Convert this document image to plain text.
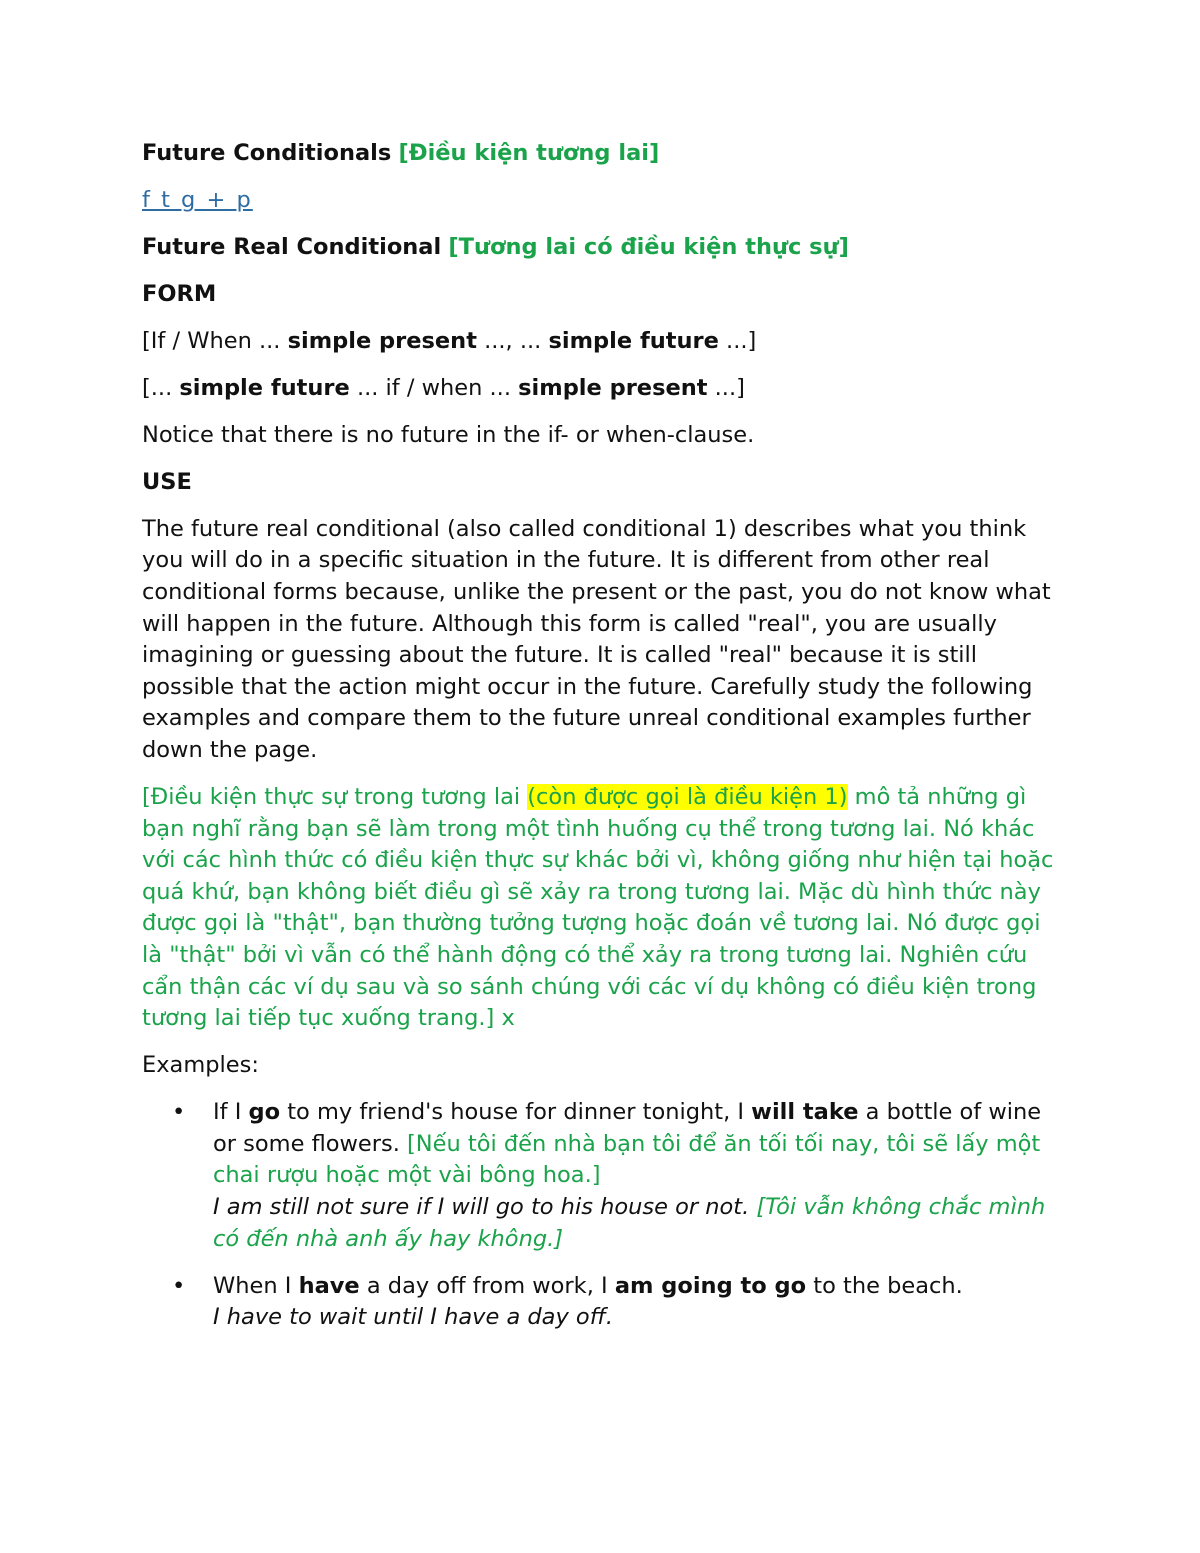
Future Conditionals [Điều kiện tương lai]

f t g + p

Future Real Conditional [Tương lai có điều kiện thực sự]

FORM

[If / When ... simple present ..., ... simple future ...]

[... simple future ... if / when ... simple present ...]

Notice that there is no future in the if- or when-clause.

USE

The future real conditional (also called conditional 1) describes what you think you will do in a specific situation in the future. It is different from other real conditional forms because, unlike the present or the past, you do not know what will happen in the future. Although this form is called "real", you are usually imagining or guessing about the future. It is called "real" because it is still possible that the action might occur in the future. Carefully study the following examples and compare them to the future unreal conditional examples further down the page.

[Điều kiện thực sự trong tương lai (còn được gọi là điều kiện 1) mô tả những gì bạn nghĩ rằng bạn sẽ làm trong một tình huống cụ thể trong tương lai. Nó khác với các hình thức có điều kiện thực sự khác bởi vì, không giống như hiện tại hoặc quá khứ, bạn không biết điều gì sẽ xảy ra trong tương lai. Mặc dù hình thức này được gọi là "thật", bạn thường tưởng tượng hoặc đoán về tương lai. Nó được gọi là "thật" bởi vì vẫn có thể hành động có thể xảy ra trong tương lai. Nghiên cứu cẩn thận các ví dụ sau và so sánh chúng với các ví dụ không có điều kiện trong tương lai tiếp tục xuống trang.] x

Examples:

• If I go to my friend's house for dinner tonight, I will take a bottle of wine or some flowers. [Nếu tôi đến nhà bạn tôi để ăn tối tối nay, tôi sẽ lấy một chai rượu hoặc một vài bông hoa.]
I am still not sure if I will go to his house or not. [Tôi vẫn không chắc mình có đến nhà anh ấy hay không.]
• When I have a day off from work, I am going to go to the beach.
I have to wait until I have a day off.
